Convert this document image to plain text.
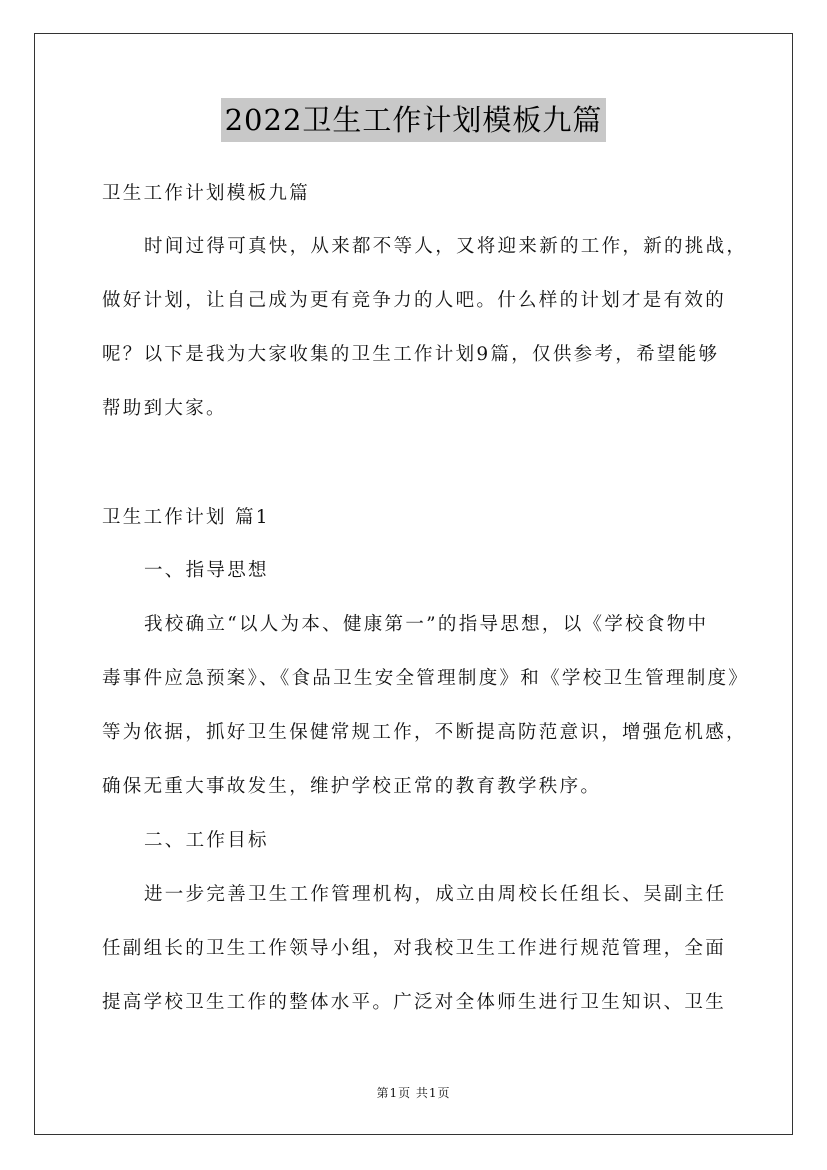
2022卫生工作计划模板九篇
卫生工作计划模板九篇
时间过得可真快，从来都不等人，又将迎来新的工作，新的挑战，
做好计划，让自己成为更有竞争力的人吧。什么样的计划才是有效的
呢？以下是我为大家收集的卫生工作计划9篇，仅供参考，希望能够
帮助到大家。
卫生工作计划 篇1
一、指导思想
我校确立“以人为本、健康第一”的指导思想，以《学校食物中
毒事件应急预案》、《食品卫生安全管理制度》和《学校卫生管理制度》
等为依据，抓好卫生保健常规工作，不断提高防范意识，增强危机感，
确保无重大事故发生，维护学校正常的教育教学秩序。
二、工作目标
进一步完善卫生工作管理机构，成立由周校长任组长、吴副主任
任副组长的卫生工作领导小组，对我校卫生工作进行规范管理，全面
提高学校卫生工作的整体水平。广泛对全体师生进行卫生知识、卫生
第1页 共1页
